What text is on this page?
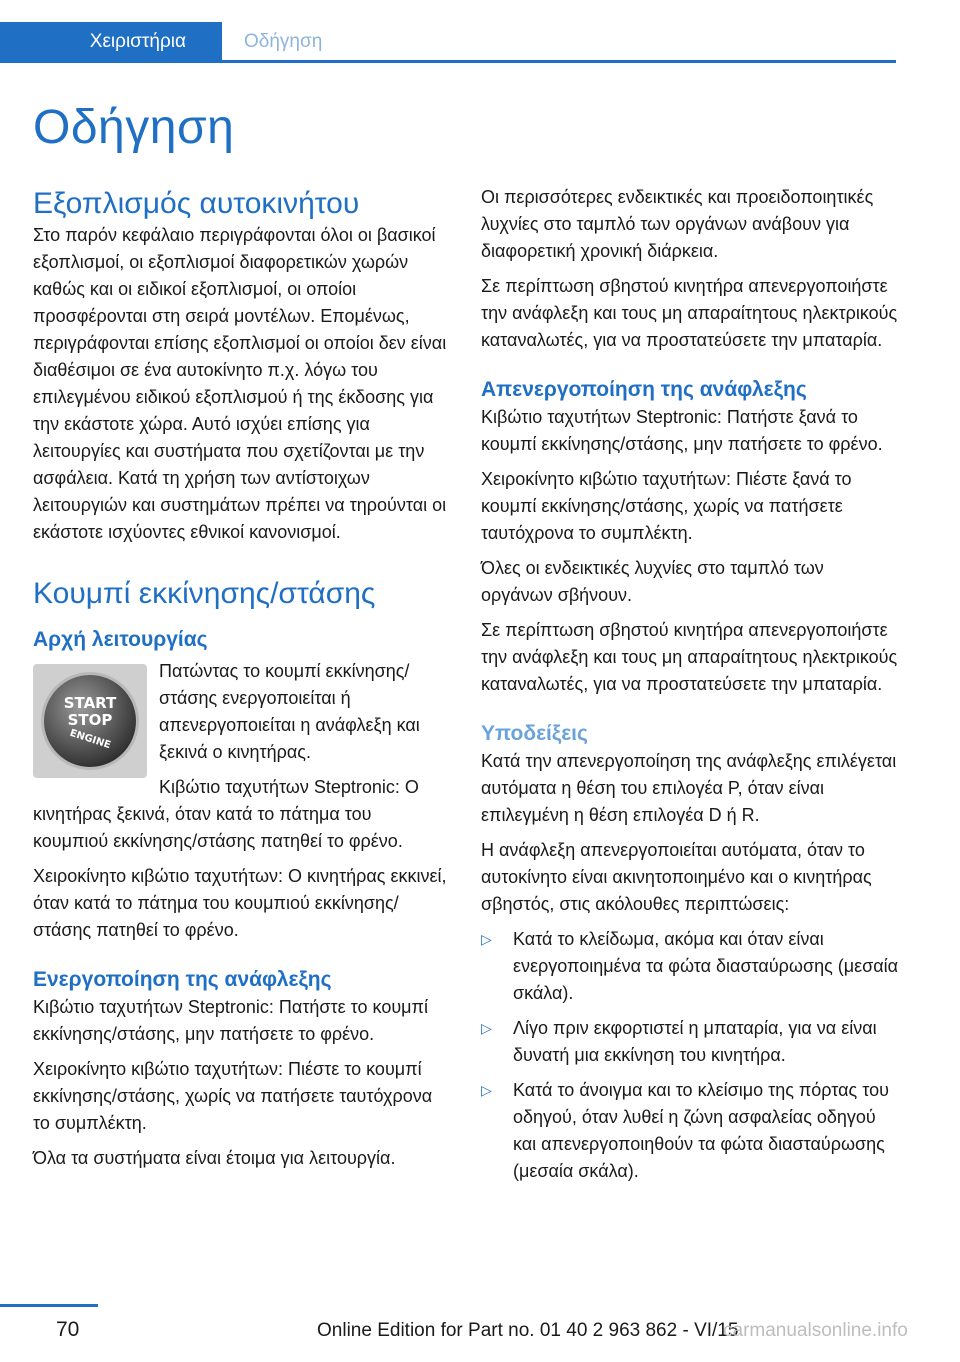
Χειριστήρια	Οδήγηση
Οδήγηση
Εξοπλισμός αυτοκινήτου

Στο παρόν κεφάλαιο περιγράφονται όλοι οι βασικοί εξοπλισμοί, οι εξοπλισμοί διαφορετικών χωρών καθώς και οι ειδικοί εξοπλισμοί, οι οποίοι προσφέρονται στη σειρά μοντέλων. Επομένως, περιγράφονται επίσης εξοπλισμοί οι οποίοι δεν είναι διαθέσιμοι σε ένα αυτοκίνητο π.χ. λόγω του επιλεγμένου ειδικού εξοπλισμού ή της έκδοσης για την εκάστοτε χώρα. Αυτό ισχύει επίσης για λειτουργίες και συστήματα που σχετίζονται με την ασφάλεια. Κατά τη χρήση των αντίστοιχων λειτουργιών και συστημάτων πρέπει να τηρούνται οι εκάστοτε ισχύοντες εθνικοί κανονισμοί.

Κουμπί εκκίνησης/στάσης
Αρχή λειτουργίας
START
STOP
ENGINE

Πατώντας το κουμπί εκκίνησης/στάσης ενεργοποιείται ή απενεργοποιείται η ανάφλεξη και ξεκινά ο κινητήρας.

Κιβώτιο ταχυτήτων Steptronic: Ο κινητήρας ξεκινά, όταν κατά το πάτημα του κουμπιού εκκίνησης/στάσης πατηθεί το φρένο.

Χειροκίνητο κιβώτιο ταχυτήτων: Ο κινητήρας εκκινεί, όταν κατά το πάτημα του κουμπιού εκκίνησης/στάσης πατηθεί το φρένο.

Ενεργοποίηση της ανάφλεξης

Κιβώτιο ταχυτήτων Steptronic: Πατήστε το κουμπί εκκίνησης/στάσης, μην πατήσετε το φρένο.

Χειροκίνητο κιβώτιο ταχυτήτων: Πιέστε το κουμπί εκκίνησης/στάσης, χωρίς να πατήσετε ταυτόχρονα το συμπλέκτη.

Όλα τα συστήματα είναι έτοιμα για λειτουργία.

Οι περισσότερες ενδεικτικές και προειδοποιητικές λυχνίες στο ταμπλό των οργάνων ανάβουν για διαφορετική χρονική διάρκεια.

Σε περίπτωση σβηστού κινητήρα απενεργοποιήστε την ανάφλεξη και τους μη απαραίτητους ηλεκτρικούς καταναλωτές, για να προστατεύσετε την μπαταρία.

Απενεργοποίηση της ανάφλεξης

Κιβώτιο ταχυτήτων Steptronic: Πατήστε ξανά το κουμπί εκκίνησης/στάσης, μην πατήσετε το φρένο.

Χειροκίνητο κιβώτιο ταχυτήτων: Πιέστε ξανά το κουμπί εκκίνησης/στάσης, χωρίς να πατήσετε ταυτόχρονα το συμπλέκτη.

Όλες οι ενδεικτικές λυχνίες στο ταμπλό των οργάνων σβήνουν.

Σε περίπτωση σβηστού κινητήρα απενεργοποιήστε την ανάφλεξη και τους μη απαραίτητους ηλεκτρικούς καταναλωτές, για να προστατεύσετε την μπαταρία.

Υποδείξεις

Κατά την απενεργοποίηση της ανάφλεξης επιλέγεται αυτόματα η θέση του επιλογέα P, όταν είναι επιλεγμένη η θέση επιλογέα D ή R.

Η ανάφλεξη απενεργοποιείται αυτόματα, όταν το αυτοκίνητο είναι ακινητοποιημένο και ο κινητήρας σβηστός, στις ακόλουθες περιπτώσεις:

▷ Κατά το κλείδωμα, ακόμα και όταν είναι ενεργοποιημένα τα φώτα διασταύρωσης (μεσαία σκάλα).
▷ Λίγο πριν εκφορτιστεί η μπαταρία, για να είναι δυνατή μια εκκίνηση του κινητήρα.
▷ Κατά το άνοιγμα και το κλείσιμο της πόρτας του οδηγού, όταν λυθεί η ζώνη ασφαλείας οδηγού και απενεργοποιηθούν τα φώτα διασταύρωσης (μεσαία σκάλα).
70	Online Edition for Part no. 01 40 2 963 862 - VI/15
carmanualsonline.info
